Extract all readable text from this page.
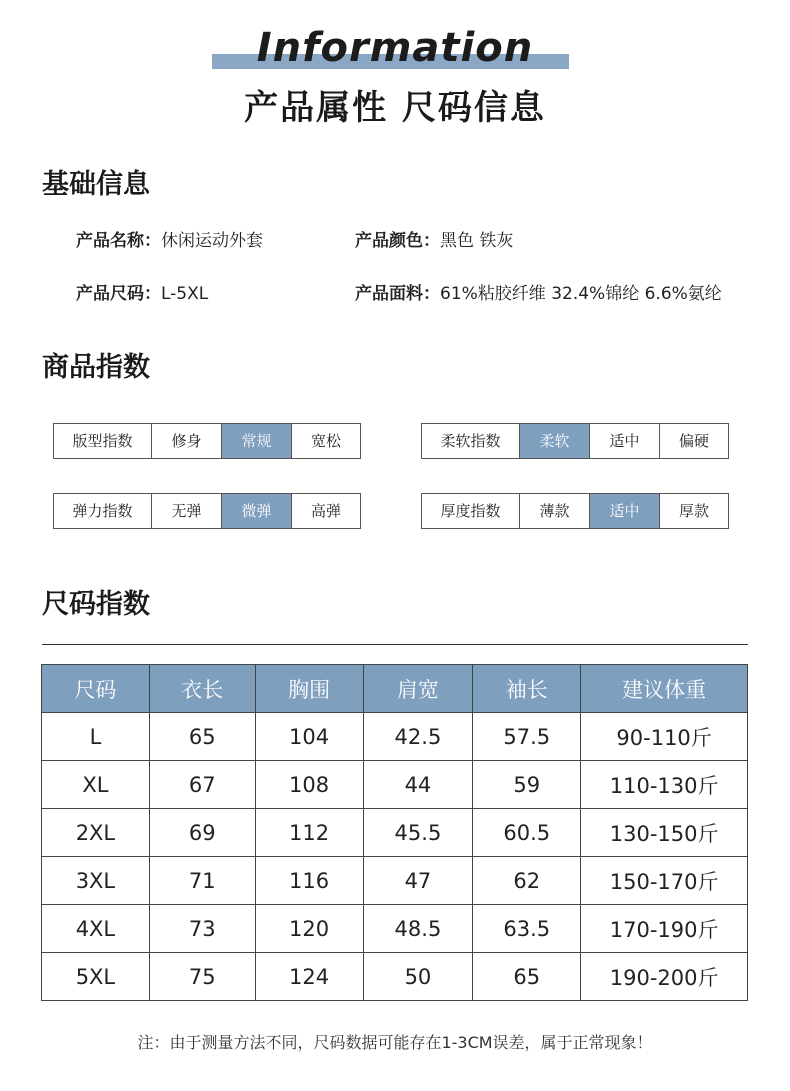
Information
产品属性 尺码信息
基础信息
产品名称：休闲运动外套	产品颜色：黑色 铁灰
产品尺码：L-5XL	产品面料：61%粘胶纤维 32.4%锦纶 6.6%氨纶
商品指数
版型指数	修身	常规	宽松	柔软指数	柔软	适中	偏硬
弹力指数	无弹	微弹	高弹	厚度指数	薄款	适中	厚款
尺码指数
尺码	衣长	胸围	肩宽	袖长	建议体重
L	65	104	42.5	57.5	90-110斤
XL	67	108	44	59	110-130斤
2XL	69	112	45.5	60.5	130-150斤
3XL	71	116	47	62	150-170斤
4XL	73	120	48.5	63.5	170-190斤
5XL	75	124	50	65	190-200斤
注：由于测量方法不同，尺码数据可能存在1-3CM误差，属于正常现象！
